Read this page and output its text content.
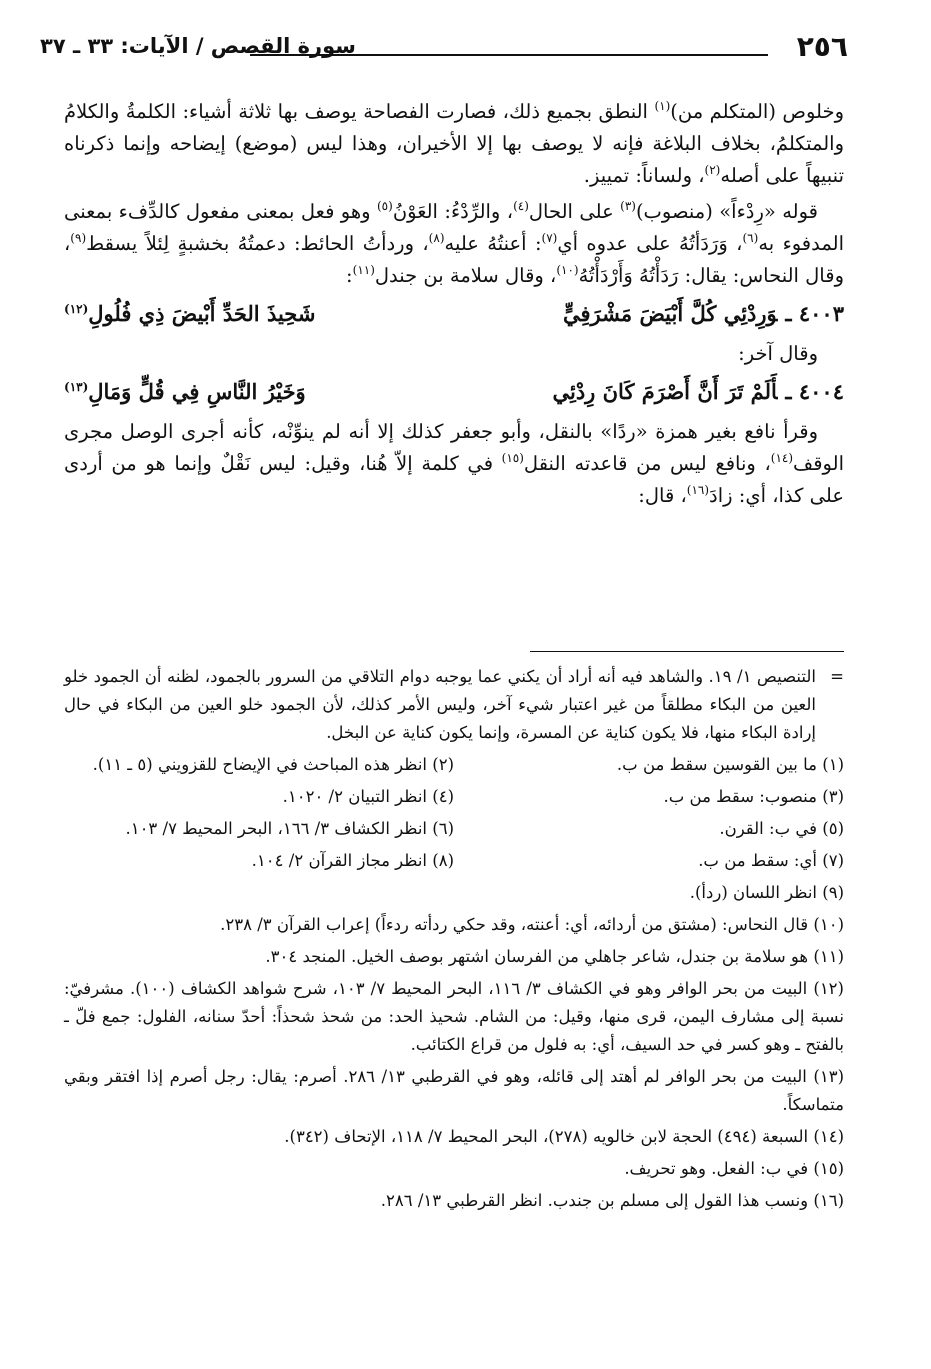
٢٥٦
سورة القصص / الآيات: ٣٣ ـ ٣٧

وخلوص (المتكلم من)$^{(١)}$ النطق بجميع ذلك، فصارت الفصاحة يوصف بها ثلاثة أشياء: الكلمةُ والكلامُ والمتكلمُ، بخلاف البلاغة فإنه لا يوصف بها إلا الأخيران، وهذا ليس (موضع) إيضاحه وإنما ذكرناه تنبيهاً على أصله$^{(٢)}$، ولساناً: تمييز.

قوله «رِدْءاً» (منصوب)$^{(٣)}$ على الحال$^{(٤)}$، والرِّدْءُ: العَوْنُ$^{(٥)}$ وهو فعل بمعنى مفعول كالدِّفء بمعنى المدفوء به$^{(٦)}$، وَرَدَأتُهُ على عدوه أي$^{(٧)}$: أعنتُهُ عليه$^{(٨)}$، وردأتُ الحائط: دعمتُهُ بخشبةٍ لِئلاً يسقط$^{(٩)}$، وقال النحاس: يقال: رَدَأْتُهُ وَأَرْدَأْتُهُ$^{(١٠)}$، وقال سلامة بن جندل$^{(١١)}$:

٤٠٠٣ ـوَرِدْئِي كُلَّ أَبْيَضَ مَشْرَفِيٍّ
شَحِيذَ الحَدِّ أَبْيضَ ذِي فُلُولِ$^{(١٢)}$

وقال آخر:

٤٠٠٤ ـأَلَمْ تَرَ أَنَّ أَصْرَمَ كَانَ رِدْئِي
وَخَيْرُ النَّاسِ فِي قُلٍّ وَمَالِ$^{(١٣)}$

وقرأ نافع بغير همزة «ردًا» بالنقل، وأبو جعفر كذلك إلا أنه لم ينوِّنْه، كأنه أجرى الوصل مجرى الوقف$^{(١٤)}$، ونافع ليس من قاعدته النقل$^{(١٥)}$ في كلمة إلاّ هُنا، وقيل: ليس نَقْلٌ وإنما هو من أردى على كذا، أي: زادَ$^{(١٦)}$، قال:

=
التنصيص ١/ ١٩. والشاهد فيه أنه أراد أن يكني عما يوجبه دوام التلاقي من السرور بالجمود، لظنه أن الجمود خلو العين من البكاء مطلقاً من غير اعتبار شيء آخر، وليس الأمر كذلك، لأن الجمود خلو العين من البكاء في حال إرادة البكاء منها، فلا يكون كناية عن المسرة، وإنما يكون كناية عن البخل.
(١) ما بين القوسين سقط من ب.
(٢) انظر هذه المباحث في الإيضاح للقزويني (٥ ـ ١١).
(٣) منصوب: سقط من ب.
(٤) انظر التبيان ٢/ ١٠٢٠.
(٥) في ب: القرن.
(٦) انظر الكشاف ٣/ ١٦٦، البحر المحيط ٧/ ١٠٣.
(٧) أي: سقط من ب.
(٨) انظر مجاز القرآن ٢/ ١٠٤.
(٩) انظر اللسان (ردأ).
(١٠) قال النحاس: (مشتق من أردائه، أي: أعنته، وقد حكي ردأته ردءاً) إعراب القرآن ٣/ ٢٣٨.
(١١) هو سلامة بن جندل، شاعر جاهلي من الفرسان اشتهر بوصف الخيل. المنجد ٣٠٤.
(١٢) البيت من بحر الوافر وهو في الكشاف ٣/ ١١٦، البحر المحيط ٧/ ١٠٣، شرح شواهد الكشاف (١٠٠). مشرفيّ: نسبة إلى مشارف اليمن، قرى منها، وقيل: من الشام. شحيذ الحد: من شحذ شحذاً: أحدّ سنانه، الفلول: جمع فلّ ـ بالفتح ـ وهو كسر في حد السيف، أي: به فلول من قراع الكتائب.
(١٣) البيت من بحر الوافر لم أهتد إلى قائله، وهو في القرطبي ١٣/ ٢٨٦. أصرم: يقال: رجل أصرم إذا افتقر وبقي متماسكاً.
(١٤) السبعة (٤٩٤) الحجة لابن خالويه (٢٧٨)، البحر المحيط ٧/ ١١٨، الإتحاف (٣٤٢).
(١٥) في ب: الفعل. وهو تحريف.
(١٦) ونسب هذا القول إلى مسلم بن جندب. انظر القرطبي ١٣/ ٢٨٦.
